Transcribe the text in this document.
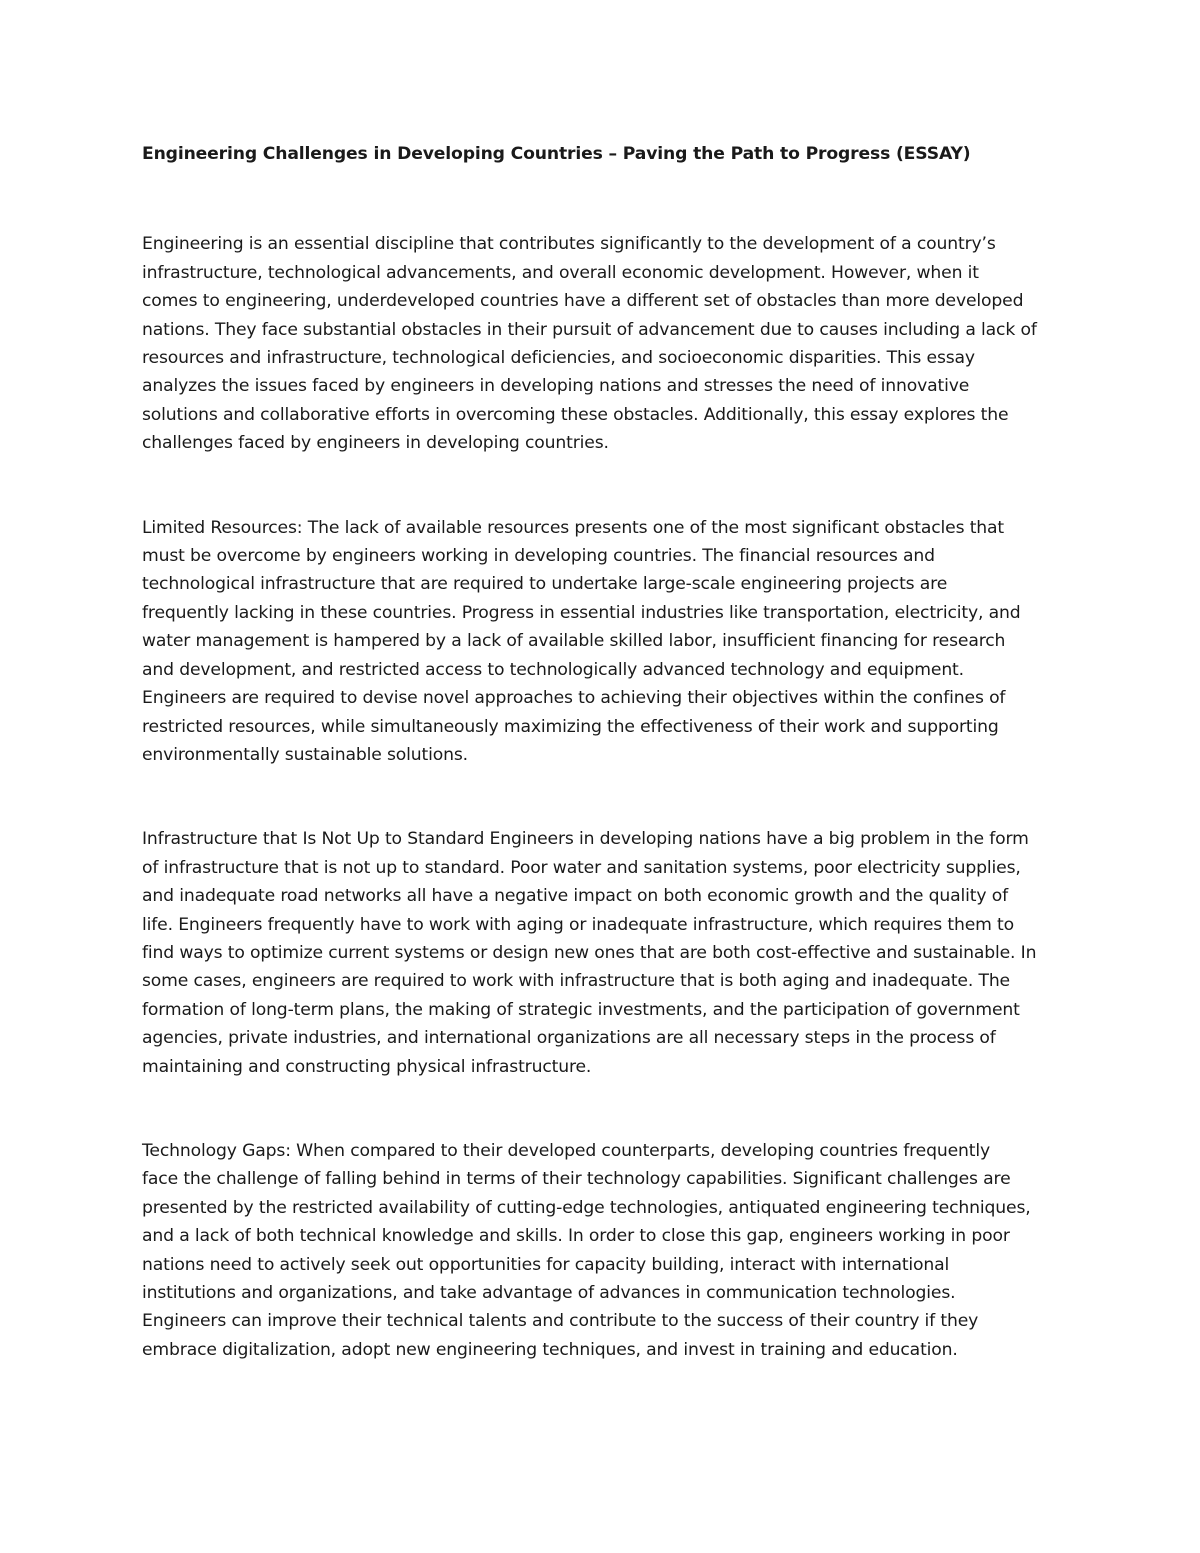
Engineering Challenges in Developing Countries – Paving the Path to Progress (ESSAY)

Engineering is an essential discipline that contributes significantly to the development of a country’s
infrastructure, technological advancements, and overall economic development. However, when it
comes to engineering, underdeveloped countries have a different set of obstacles than more developed
nations. They face substantial obstacles in their pursuit of advancement due to causes including a lack of
resources and infrastructure, technological deficiencies, and socioeconomic disparities. This essay
analyzes the issues faced by engineers in developing nations and stresses the need of innovative
solutions and collaborative efforts in overcoming these obstacles. Additionally, this essay explores the
challenges faced by engineers in developing countries.

Limited Resources: The lack of available resources presents one of the most significant obstacles that
must be overcome by engineers working in developing countries. The financial resources and
technological infrastructure that are required to undertake large-scale engineering projects are
frequently lacking in these countries. Progress in essential industries like transportation, electricity, and
water management is hampered by a lack of available skilled labor, insufficient financing for research
and development, and restricted access to technologically advanced technology and equipment.
Engineers are required to devise novel approaches to achieving their objectives within the confines of
restricted resources, while simultaneously maximizing the effectiveness of their work and supporting
environmentally sustainable solutions.

Infrastructure that Is Not Up to Standard Engineers in developing nations have a big problem in the form
of infrastructure that is not up to standard. Poor water and sanitation systems, poor electricity supplies,
and inadequate road networks all have a negative impact on both economic growth and the quality of
life. Engineers frequently have to work with aging or inadequate infrastructure, which requires them to
find ways to optimize current systems or design new ones that are both cost-effective and sustainable. In
some cases, engineers are required to work with infrastructure that is both aging and inadequate. The
formation of long-term plans, the making of strategic investments, and the participation of government
agencies, private industries, and international organizations are all necessary steps in the process of
maintaining and constructing physical infrastructure.

Technology Gaps: When compared to their developed counterparts, developing countries frequently
face the challenge of falling behind in terms of their technology capabilities. Significant challenges are
presented by the restricted availability of cutting-edge technologies, antiquated engineering techniques,
and a lack of both technical knowledge and skills. In order to close this gap, engineers working in poor
nations need to actively seek out opportunities for capacity building, interact with international
institutions and organizations, and take advantage of advances in communication technologies.
Engineers can improve their technical talents and contribute to the success of their country if they
embrace digitalization, adopt new engineering techniques, and invest in training and education.
